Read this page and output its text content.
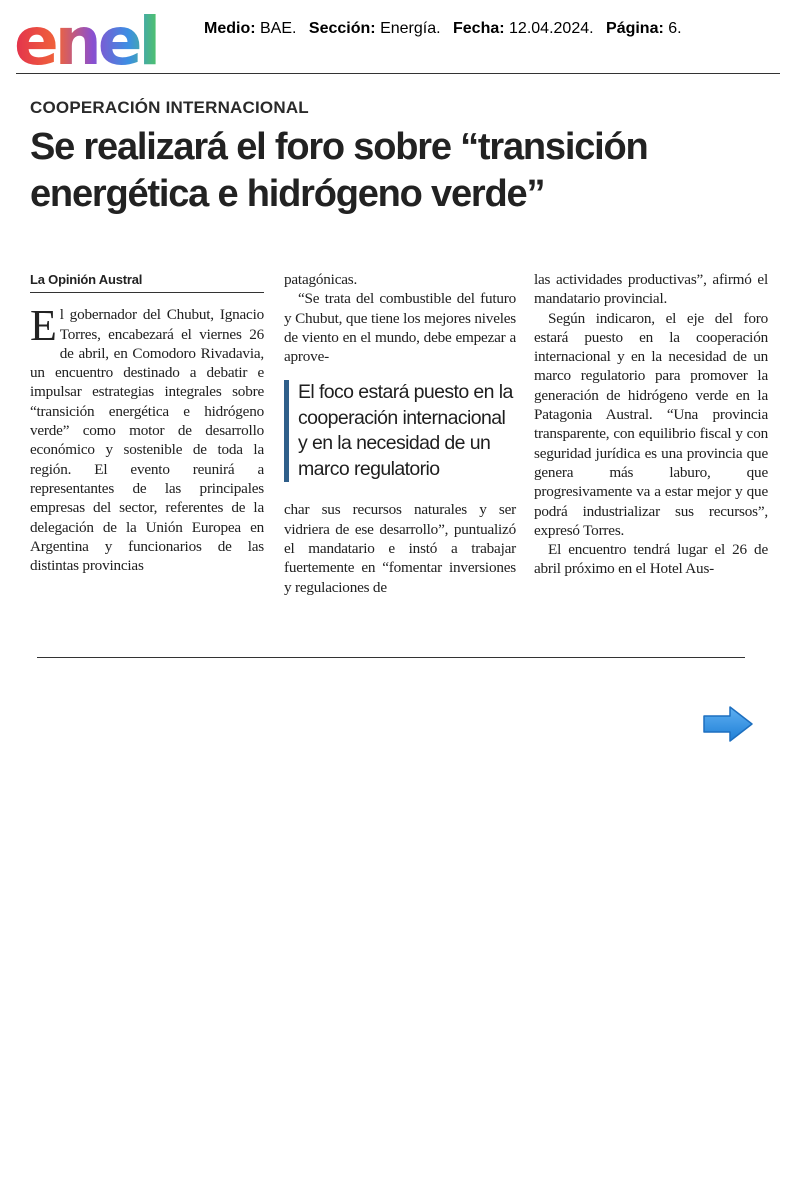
enel	Medio: BAE. Sección: Energía. Fecha: 12.04.2024. Página: 6.
COOPERACIÓN INTERNACIONAL
Se realizará el foro sobre “transición
energética e hidrógeno verde”
La Opinión Austral

El gobernador del Chubut, Ignacio Torres, encabezará el viernes 26 de abril, en Comodoro Rivadavia, un encuentro destinado a debatir e impulsar estrategias integrales sobre “transición energética e hidrógeno verde” como motor de desarrollo económico y sostenible de toda la región. El evento reunirá a representantes de las principales empresas del sector, referentes de la delegación de la Unión Europea en Argentina y funcionarios de las distintas provincias

patagónicas.

“Se trata del combustible del futuro y Chubut, que tiene los mejores niveles de viento en el mundo, debe empezar a aprove-

El foco estará puesto en la cooperación internacional y en la necesidad de un marco regulatorio

char sus recursos naturales y ser vidriera de ese desarrollo”, puntualizó el mandatario e instó a trabajar fuertemente en “fomentar inversiones y regulaciones de

las actividades productivas”, afirmó el mandatario provincial.

Según indicaron, el eje del foro estará puesto en la cooperación internacional y en la necesidad de un marco regulatorio para promover la generación de hidrógeno verde en la Patagonia Austral. “Una provincia transparente, con equilibrio fiscal y con seguridad jurídica es una provincia que genera más laburo, que progresivamente va a estar mejor y que podrá industrializar sus recursos”, expresó Torres.

El encuentro tendrá lugar el 26 de abril próximo en el Hotel Aus-
